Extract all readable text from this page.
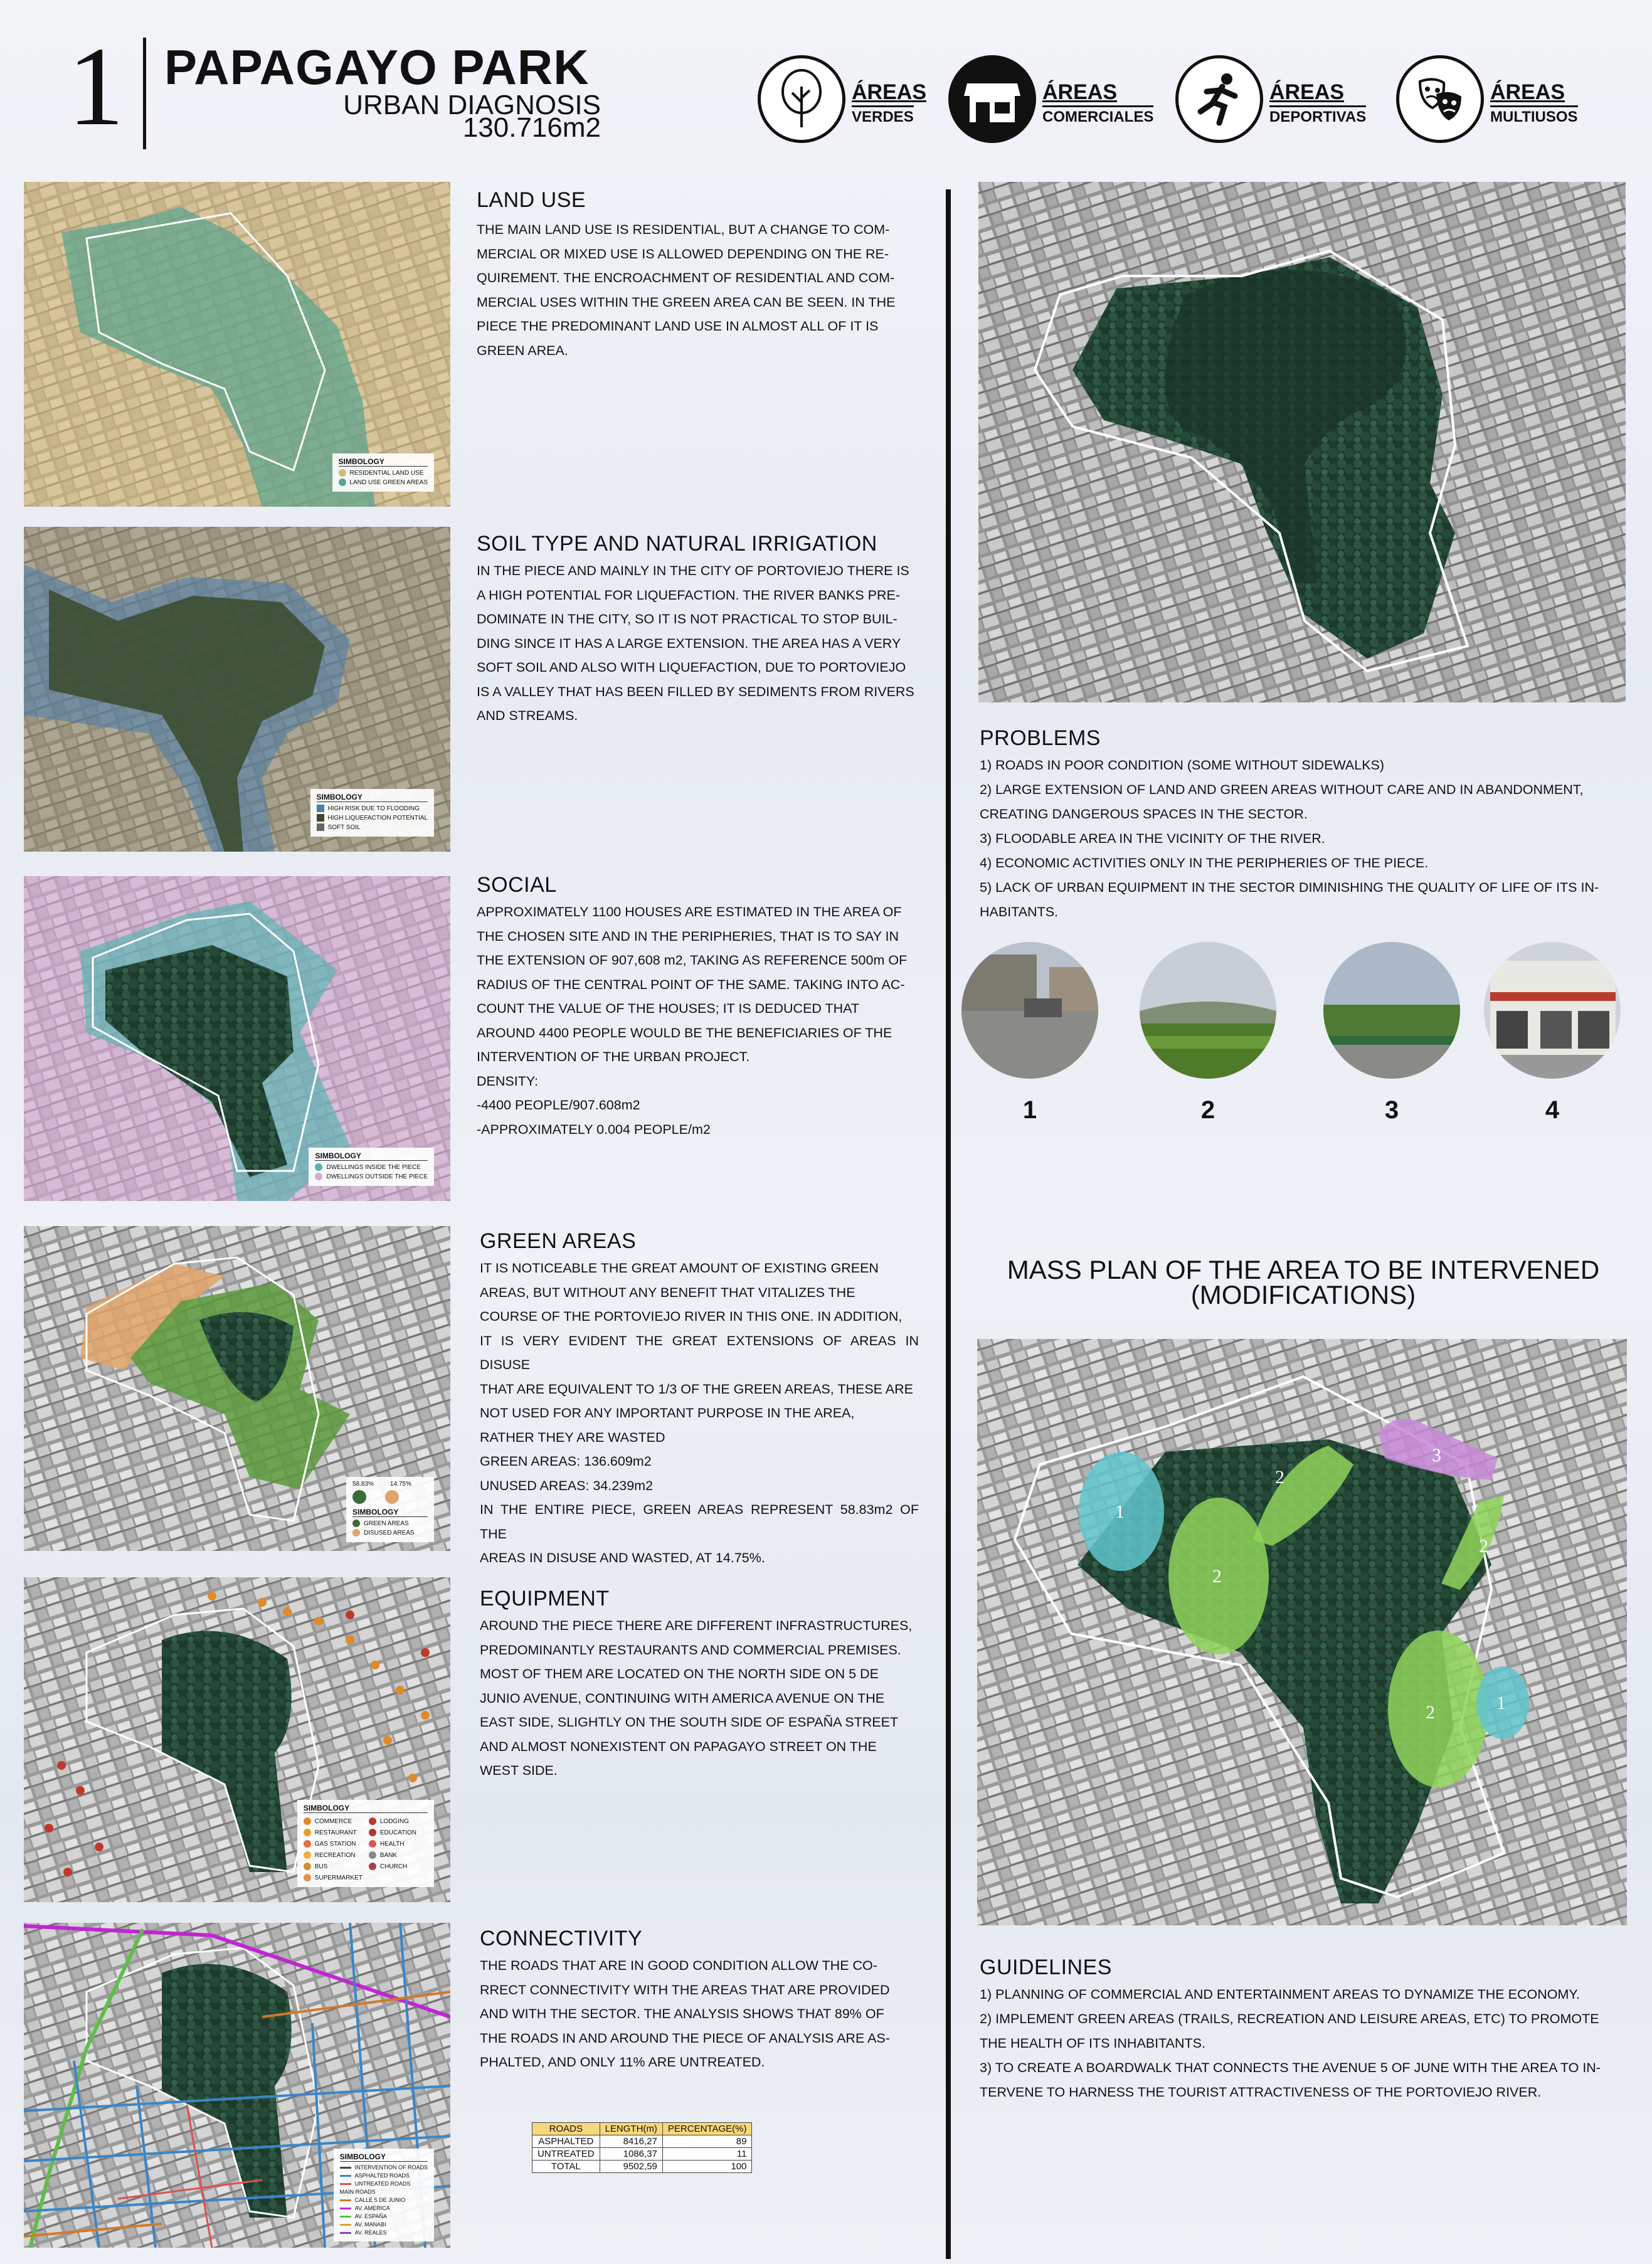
1 PAPAGAYO PARK
URBAN DIAGNOSIS
130.716m2
ÁREAS
VERDES
ÁREAS
COMERCIALES
ÁREAS
DEPORTIVAS
ÁREAS
MULTIUSOS
SIMBOLOGY
RESIDENTIAL LAND USE
LAND USE GREEN AREAS
LAND USE
THE MAIN LAND USE IS RESIDENTIAL, BUT A CHANGE TO COM-
MERCIAL OR MIXED USE IS ALLOWED DEPENDING ON THE RE-
QUIREMENT. THE ENCROACHMENT OF RESIDENTIAL AND COM-
MERCIAL USES WITHIN THE GREEN AREA CAN BE SEEN. IN THE
PIECE THE PREDOMINANT LAND USE IN ALMOST ALL OF IT IS
GREEN AREA.
SIMBOLOGY
HIGH RISK DUE TO FLOODING
HIGH LIQUEFACTION POTENTIAL
SOFT SOIL
SOIL TYPE AND NATURAL IRRIGATION
IN THE PIECE AND MAINLY IN THE CITY OF PORTOVIEJO THERE IS
A HIGH POTENTIAL FOR LIQUEFACTION. THE RIVER BANKS PRE-
DOMINATE IN THE CITY, SO IT IS NOT PRACTICAL TO STOP BUIL-
DING SINCE IT HAS A LARGE EXTENSION. THE AREA HAS A VERY
SOFT SOIL AND ALSO WITH LIQUEFACTION, DUE TO PORTOVIEJO
IS A VALLEY THAT HAS BEEN FILLED BY SEDIMENTS FROM RIVERS
AND STREAMS.
SIMBOLOGY
DWELLINGS INSIDE THE PIECE
DWELLINGS OUTSIDE THE PIECE
SOCIAL
APPROXIMATELY 1100 HOUSES ARE ESTIMATED IN THE AREA OF
THE CHOSEN SITE AND IN THE PERIPHERIES, THAT IS TO SAY IN
THE EXTENSION OF 907,608 m2, TAKING AS REFERENCE 500m OF
RADIUS OF THE CENTRAL POINT OF THE SAME. TAKING INTO AC-
COUNT THE VALUE OF THE HOUSES; IT IS DEDUCED THAT
AROUND 4400 PEOPLE WOULD BE THE BENEFICIARIES OF THE
INTERVENTION OF THE URBAN PROJECT.
DENSITY:
-4400 PEOPLE/907.608m2
-APPROXIMATELY 0.004 PEOPLE/m2
58.83%	14.75%
SIMBOLOGY
GREEN AREAS
DISUSED AREAS
GREEN AREAS
IT IS NOTICEABLE THE GREAT AMOUNT OF EXISTING GREEN
AREAS, BUT WITHOUT ANY BENEFIT THAT VITALIZES THE
COURSE OF THE PORTOVIEJO RIVER IN THIS ONE. IN ADDITION,
IT IS VERY EVIDENT THE GREAT EXTENSIONS OF AREAS IN DISUSE
THAT ARE EQUIVALENT TO 1/3 OF THE GREEN AREAS, THESE ARE
NOT USED FOR ANY IMPORTANT PURPOSE IN THE AREA,
RATHER THEY ARE WASTED
GREEN AREAS: 136.609m2
UNUSED AREAS: 34.239m2
IN THE ENTIRE PIECE, GREEN AREAS REPRESENT 58.83m2 OF THE
AREAS IN DISUSE AND WASTED, AT 14.75%.
SIMBOLOGY
COMMERCE	LODGING
RESTAURANT	EDUCATION
GAS STATION	HEALTH
RECREATION	BANK
BUS	CHURCH
SUPERMARKET
EQUIPMENT
AROUND THE PIECE THERE ARE DIFFERENT INFRASTRUCTURES,
PREDOMINANTLY RESTAURANTS AND COMMERCIAL PREMISES.
MOST OF THEM ARE LOCATED ON THE NORTH SIDE ON 5 DE
JUNIO AVENUE, CONTINUING WITH AMERICA AVENUE ON THE
EAST SIDE, SLIGHTLY ON THE SOUTH SIDE OF ESPAÑA STREET
AND ALMOST NONEXISTENT ON PAPAGAYO STREET ON THE
WEST SIDE.
SIMBOLOGY
INTERVENTION OF ROADS
ASPHALTED ROADS
UNTREATED ROADS
MAIN ROADS
CALLE 5 DE JUNIO
AV. AMERICA
AV. ESPAÑA
AV. MANABI
AV. REALES
CONNECTIVITY
THE ROADS THAT ARE IN GOOD CONDITION ALLOW THE CO-
RRECT CONNECTIVITY WITH THE AREAS THAT ARE PROVIDED
AND WITH THE SECTOR. THE ANALYSIS SHOWS THAT 89% OF
THE ROADS IN AND AROUND THE PIECE OF ANALYSIS ARE AS-
PHALTED, AND ONLY 11% ARE UNTREATED.
ROADS	LENGTH(m)	PERCENTAGE(%)
ASPHALTED	8416,27	89
UNTREATED	1086,37	11
TOTAL	9502,59	100
PROBLEMS
1) ROADS IN POOR CONDITION (SOME WITHOUT SIDEWALKS)
2) LARGE EXTENSION OF LAND AND GREEN AREAS WITHOUT CARE AND IN ABANDONMENT,
CREATING DANGEROUS SPACES IN THE SECTOR.
3) FLOODABLE AREA IN THE VICINITY OF THE RIVER.
4) ECONOMIC ACTIVITIES ONLY IN THE PERIPHERIES OF THE PIECE.
5) LACK OF URBAN EQUIPMENT IN THE SECTOR DIMINISHING THE QUALITY OF LIFE OF ITS IN-
HABITANTS.
1	2	3	4
MASS PLAN OF THE AREA TO BE INTERVENED
(MODIFICATIONS)
1
2
2
3
2
2	1
GUIDELINES
1) PLANNING OF COMMERCIAL AND ENTERTAINMENT AREAS TO DYNAMIZE THE ECONOMY.
2) IMPLEMENT GREEN AREAS (TRAILS, RECREATION AND LEISURE AREAS, ETC) TO PROMOTE
THE HEALTH OF ITS INHABITANTS.
3) TO CREATE A BOARDWALK THAT CONNECTS THE AVENUE 5 OF JUNE WITH THE AREA TO IN-
TERVENE TO HARNESS THE TOURIST ATTRACTIVENESS OF THE PORTOVIEJO RIVER.
